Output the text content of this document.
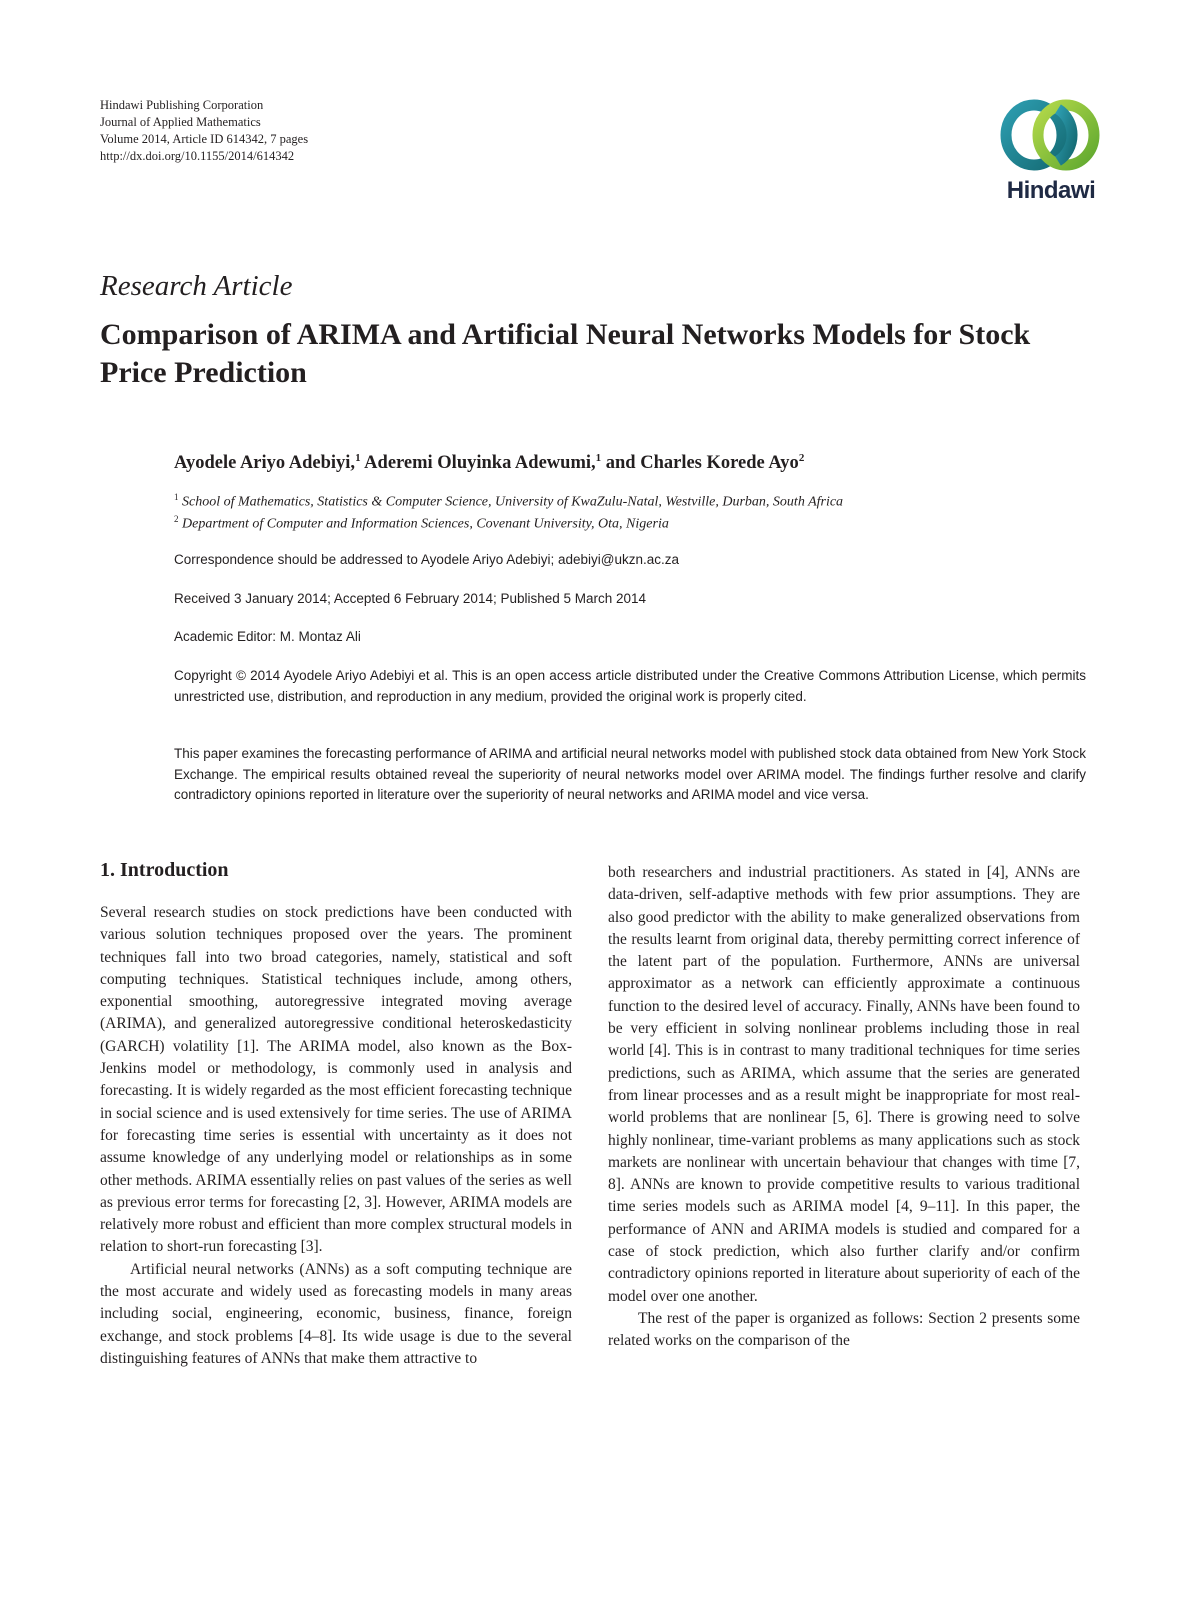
Hindawi Publishing Corporation
Journal of Applied Mathematics
Volume 2014, Article ID 614342, 7 pages
http://dx.doi.org/10.1155/2014/614342
Hindawi
Research Article
Comparison of ARIMA and Artificial Neural Networks Models for Stock Price Prediction
Ayodele Ariyo Adebiyi,$^1$ Aderemi Oluyinka Adewumi,$^1$ and Charles Korede Ayo$^2$
$^1$ School of Mathematics, Statistics & Computer Science, University of KwaZulu-Natal, Westville, Durban, South Africa
$^2$ Department of Computer and Information Sciences, Covenant University, Ota, Nigeria
Correspondence should be addressed to Ayodele Ariyo Adebiyi; adebiyi@ukzn.ac.za
Received 3 January 2014; Accepted 6 February 2014; Published 5 March 2014
Academic Editor: M. Montaz Ali

Copyright © 2014 Ayodele Ariyo Adebiyi et al. This is an open access article distributed under the Creative Commons Attribution License, which permits unrestricted use, distribution, and reproduction in any medium, provided the original work is properly cited.

This paper examines the forecasting performance of ARIMA and artificial neural networks model with published stock data obtained from New York Stock Exchange. The empirical results obtained reveal the superiority of neural networks model over ARIMA model. The findings further resolve and clarify contradictory opinions reported in literature over the superiority of neural networks and ARIMA model and vice versa.

1. Introduction

Several research studies on stock predictions have been conducted with various solution techniques proposed over the years. The prominent techniques fall into two broad categories, namely, statistical and soft computing techniques. Statistical techniques include, among others, exponential smoothing, autoregressive integrated moving average (ARIMA), and generalized autoregressive conditional heteroskedasticity (GARCH) volatility [1]. The ARIMA model, also known as the Box-Jenkins model or methodology, is commonly used in analysis and forecasting. It is widely regarded as the most efficient forecasting technique in social science and is used extensively for time series. The use of ARIMA for forecasting time series is essential with uncertainty as it does not assume knowledge of any underlying model or relationships as in some other methods. ARIMA essentially relies on past values of the series as well as previous error terms for forecasting [2, 3]. However, ARIMA models are relatively more robust and efficient than more complex structural models in relation to short-run forecasting [3].

Artificial neural networks (ANNs) as a soft computing technique are the most accurate and widely used as forecasting models in many areas including social, engineering, economic, business, finance, foreign exchange, and stock problems [4–8]. Its wide usage is due to the several distinguishing features of ANNs that make them attractive to

both researchers and industrial practitioners. As stated in [4], ANNs are data-driven, self-adaptive methods with few prior assumptions. They are also good predictor with the ability to make generalized observations from the results learnt from original data, thereby permitting correct inference of the latent part of the population. Furthermore, ANNs are universal approximator as a network can efficiently approximate a continuous function to the desired level of accuracy. Finally, ANNs have been found to be very efficient in solving nonlinear problems including those in real world [4]. This is in contrast to many traditional techniques for time series predictions, such as ARIMA, which assume that the series are generated from linear processes and as a result might be inappropriate for most real-world problems that are nonlinear [5, 6]. There is growing need to solve highly nonlinear, time-variant problems as many applications such as stock markets are nonlinear with uncertain behaviour that changes with time [7, 8]. ANNs are known to provide competitive results to various traditional time series models such as ARIMA model [4, 9–11]. In this paper, the performance of ANN and ARIMA models is studied and compared for a case of stock prediction, which also further clarify and/or confirm contradictory opinions reported in literature about superiority of each of the model over one another.

The rest of the paper is organized as follows: Section 2 presents some related works on the comparison of the
